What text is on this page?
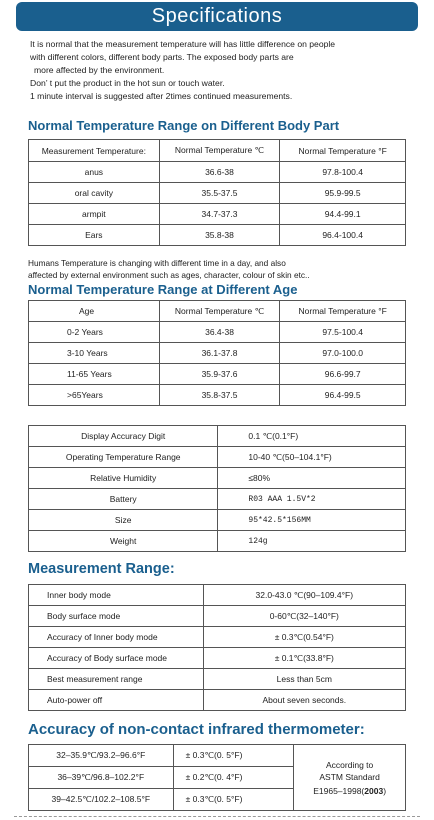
Specifications
It is normal that the measurement temperature will has little difference on people
with different colors, different body parts. The exposed body parts are
more affected by the environment.
Don’ t put the product in the hot sun or touch water.
1 minute interval is suggested after 2times continued measurements.
Normal Temperature Range on Different Body Part
Measurement Temperature:	Normal Temperature ℃	Normal Temperature °F
anus	36.6-38	97.8-100.4
oral cavity	35.5-37.5	95.9-99.5
armpit	34.7-37.3	94.4-99.1
Ears	35.8-38	96.4-100.4
Humans Temperature is changing with different time in a day, and also
affected by external environment such as ages, character, colour of skin etc..
Normal Temperature Range at Different Age
Age	Normal Temperature ℃	Normal Temperature °F
0-2 Years	36.4-38	97.5-100.4
3-10 Years	36.1-37.8	97.0-100.0
11-65 Years	35.9-37.6	96.6-99.7
>65Years	35.8-37.5	96.4-99.5
Display Accuracy Digit	0.1 ℃(0.1°F)
Operating Temperature Range	10-40 ℃(50–104.1°F)
Relative Humidity	≤80%
Battery	R03 AAA 1.5V*2
Size	95*42.5*156MM
Weight	124g
Measurement Range:
Inner body mode	32.0-43.0 ℃(90–109.4°F)
Body surface mode	0-60℃(32–140°F)
Accuracy of Inner body mode	± 0.3℃(0.54°F)
Accuracy of Body surface mode	± 0.1℃(33.8°F)
Best measurement range	Less than 5cm
Auto-power off	About seven seconds.
Accuracy of non-contact infrared thermometer:
32–35.9℃/93.2–96.6°F	± 0.3℃(0. 5°F)	According to
ASTM Standard
E1965–1998(2003)

36–39℃/96.8–102.2°F	± 0.2℃(0. 4°F)	
39–42.5℃/102.2–108.5°F	± 0.3℃(0. 5°F)	
